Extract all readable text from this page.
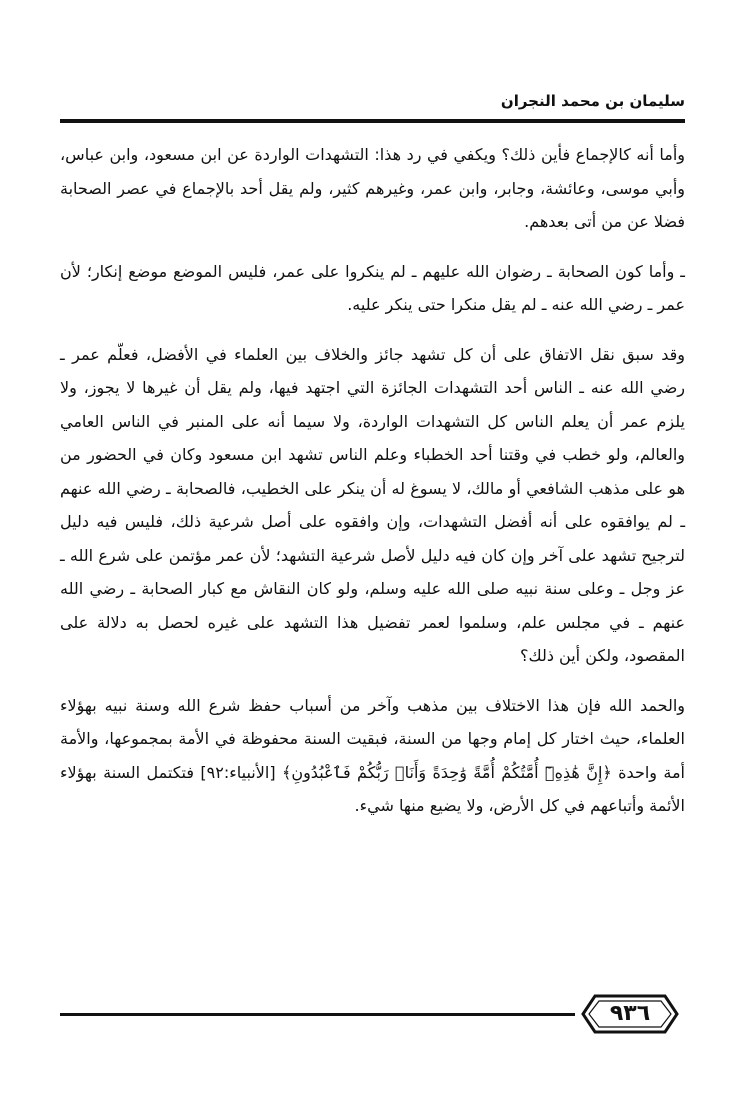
سليمان بن محمد النجران

وأما أنه كالإجماع فأين ذلك؟ ويكفي في رد هذا: التشهدات الواردة عن ابن مسعود، وابن عباس، وأبي موسى، وعائشة، وجابر، وابن عمر، وغيرهم كثير، ولم يقل أحد بالإجماع في عصر الصحابة فضلا عن من أتى بعدهم.

ـ وأما كون الصحابة ـ رضوان الله عليهم ـ لم ينكروا على عمر، فليس الموضع موضع إنكار؛ لأن عمر ـ رضي الله عنه ـ لم يقل منكرا حتى ينكر عليه.

وقد سبق نقل الاتفاق على أن كل تشهد جائز والخلاف بين العلماء في الأفضل، فعلّم عمر ـ رضي الله عنه ـ الناس أحد التشهدات الجائزة التي اجتهد فيها، ولم يقل أن غيرها لا يجوز، ولا يلزم عمر أن يعلم الناس كل التشهدات الواردة، ولا سيما أنه على المنبر في الناس العامي والعالم، ولو خطب في وقتنا أحد الخطباء وعلم الناس تشهد ابن مسعود وكان في الحضور من هو على مذهب الشافعي أو مالك، لا يسوغ له أن ينكر على الخطيب، فالصحابة ـ رضي الله عنهم ـ لم يوافقوه على أنه أفضل التشهدات، وإن وافقوه على أصل شرعية ذلك، فليس فيه دليل لترجيح تشهد على آخر وإن كان فيه دليل لأصل شرعية التشهد؛ لأن عمر مؤتمن على شرع الله ـ عز وجل ـ وعلى سنة نبيه صلى الله عليه وسلم، ولو كان النقاش مع كبار الصحابة ـ رضي الله عنهم ـ في مجلس علم، وسلموا لعمر تفضيل هذا التشهد على غيره لحصل به دلالة على المقصود، ولكن أين ذلك؟

والحمد الله فإن هذا الاختلاف بين مذهب وآخر من أسباب حفظ شرع الله وسنة نبيه بهؤلاء العلماء، حيث اختار كل إمام وجها من السنة، فبقيت السنة محفوظة في الأمة بمجموعها، والأمة أمة واحدة ﴿إِنَّ هَٰذِهِۦٓ أُمَّتُكُمْ أُمَّةً وَٰحِدَةً وَأَنَا۠ رَبُّكُمْ فَٱعْبُدُونِ﴾ [الأنبياء:٩٢] فتكتمل السنة بهؤلاء الأئمة وأتباعهم في كل الأرض، ولا يضيع منها شيء.

٩٣٦
